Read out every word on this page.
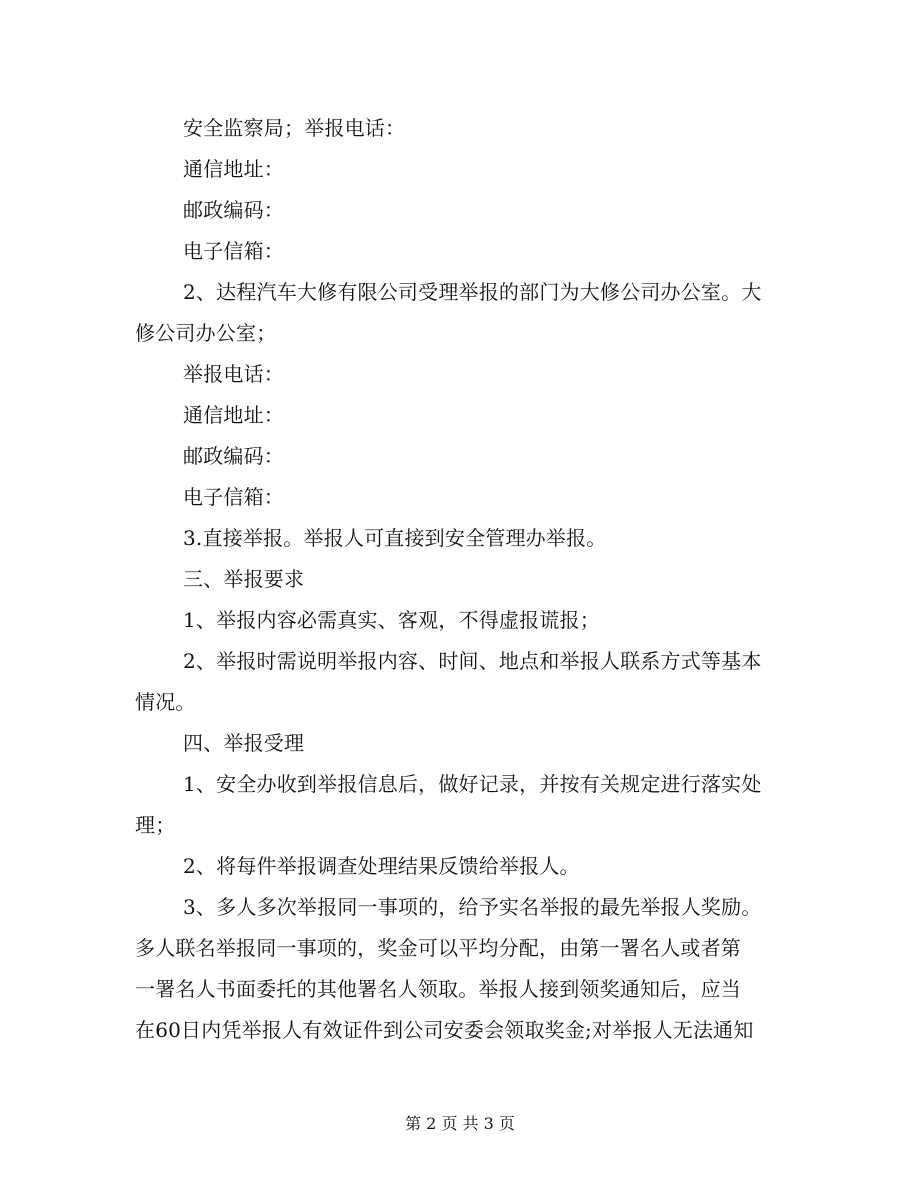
安全监察局；举报电话：

通信地址：

邮政编码：

电子信箱：

2、达程汽车大修有限公司受理举报的部门为大修公司办公室。大

修公司办公室；

举报电话：

通信地址：

邮政编码：

电子信箱：

3.直接举报。举报人可直接到安全管理办举报。

三、举报要求

1、举报内容必需真实、客观，不得虚报谎报；

2、举报时需说明举报内容、时间、地点和举报人联系方式等基本

情况。

四、举报受理

1、安全办收到举报信息后，做好记录，并按有关规定进行落实处

理；

2、将每件举报调查处理结果反馈给举报人。

3、多人多次举报同一事项的，给予实名举报的最先举报人奖励。

多人联名举报同一事项的，奖金可以平均分配，由第一署名人或者第

一署名人书面委托的其他署名人领取。举报人接到领奖通知后，应当

在60日内凭举报人有效证件到公司安委会领取奖金;对举报人无法通知

第 2 页 共 3 页
